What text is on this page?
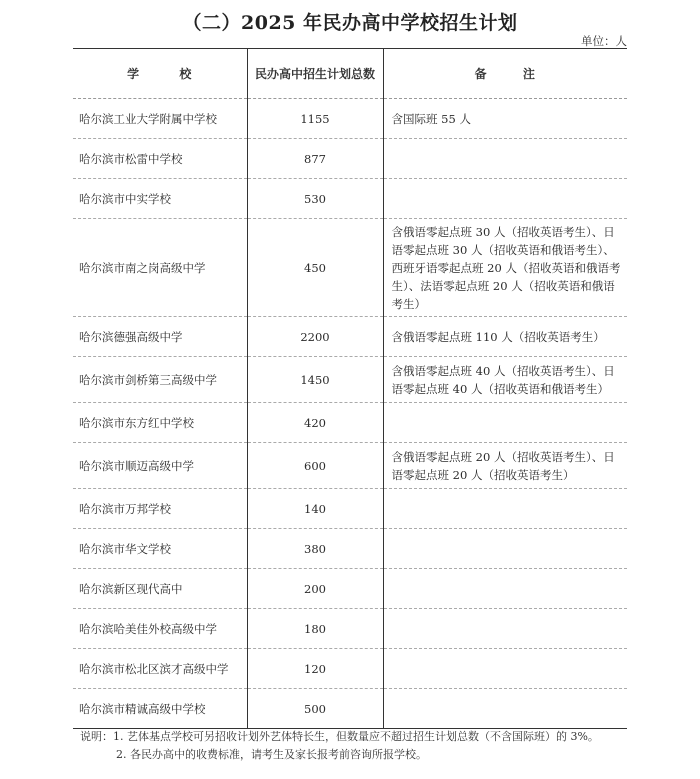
（二）2025 年民办高中学校招生计划
单位：人
学 校	民办高中招生计划总数	备 注
哈尔滨工业大学附属中学校	1155	含国际班 55 人
哈尔滨市松雷中学校	877	
哈尔滨市中实学校	530	
哈尔滨市南之岗高级中学	450	含俄语零起点班 30 人（招收英语考生）、日语零起点班 30 人（招收英语和俄语考生）、西班牙语零起点班 20 人（招收英语和俄语考生）、法语零起点班 20 人（招收英语和俄语考生）
哈尔滨德强高级中学	2200	含俄语零起点班 110 人（招收英语考生）
哈尔滨市剑桥第三高级中学	1450	含俄语零起点班 40 人（招收英语考生）、日语零起点班 40 人（招收英语和俄语考生）
哈尔滨市东方红中学校	420	
哈尔滨市顺迈高级中学	600	含俄语零起点班 20 人（招收英语考生）、日语零起点班 20 人（招收英语考生）
哈尔滨市万邦学校	140	
哈尔滨市华文学校	380	
哈尔滨新区现代高中	200	
哈尔滨哈美佳外校高级中学	180	
哈尔滨市松北区滨才高级中学	120	
哈尔滨市精诚高级中学校	500	
说明：1. 艺体基点学校可另招收计划外艺体特长生，但数量应不超过招生计划总数（不含国际班）的 3%。
2. 各民办高中的收费标准，请考生及家长报考前咨询所报学校。
